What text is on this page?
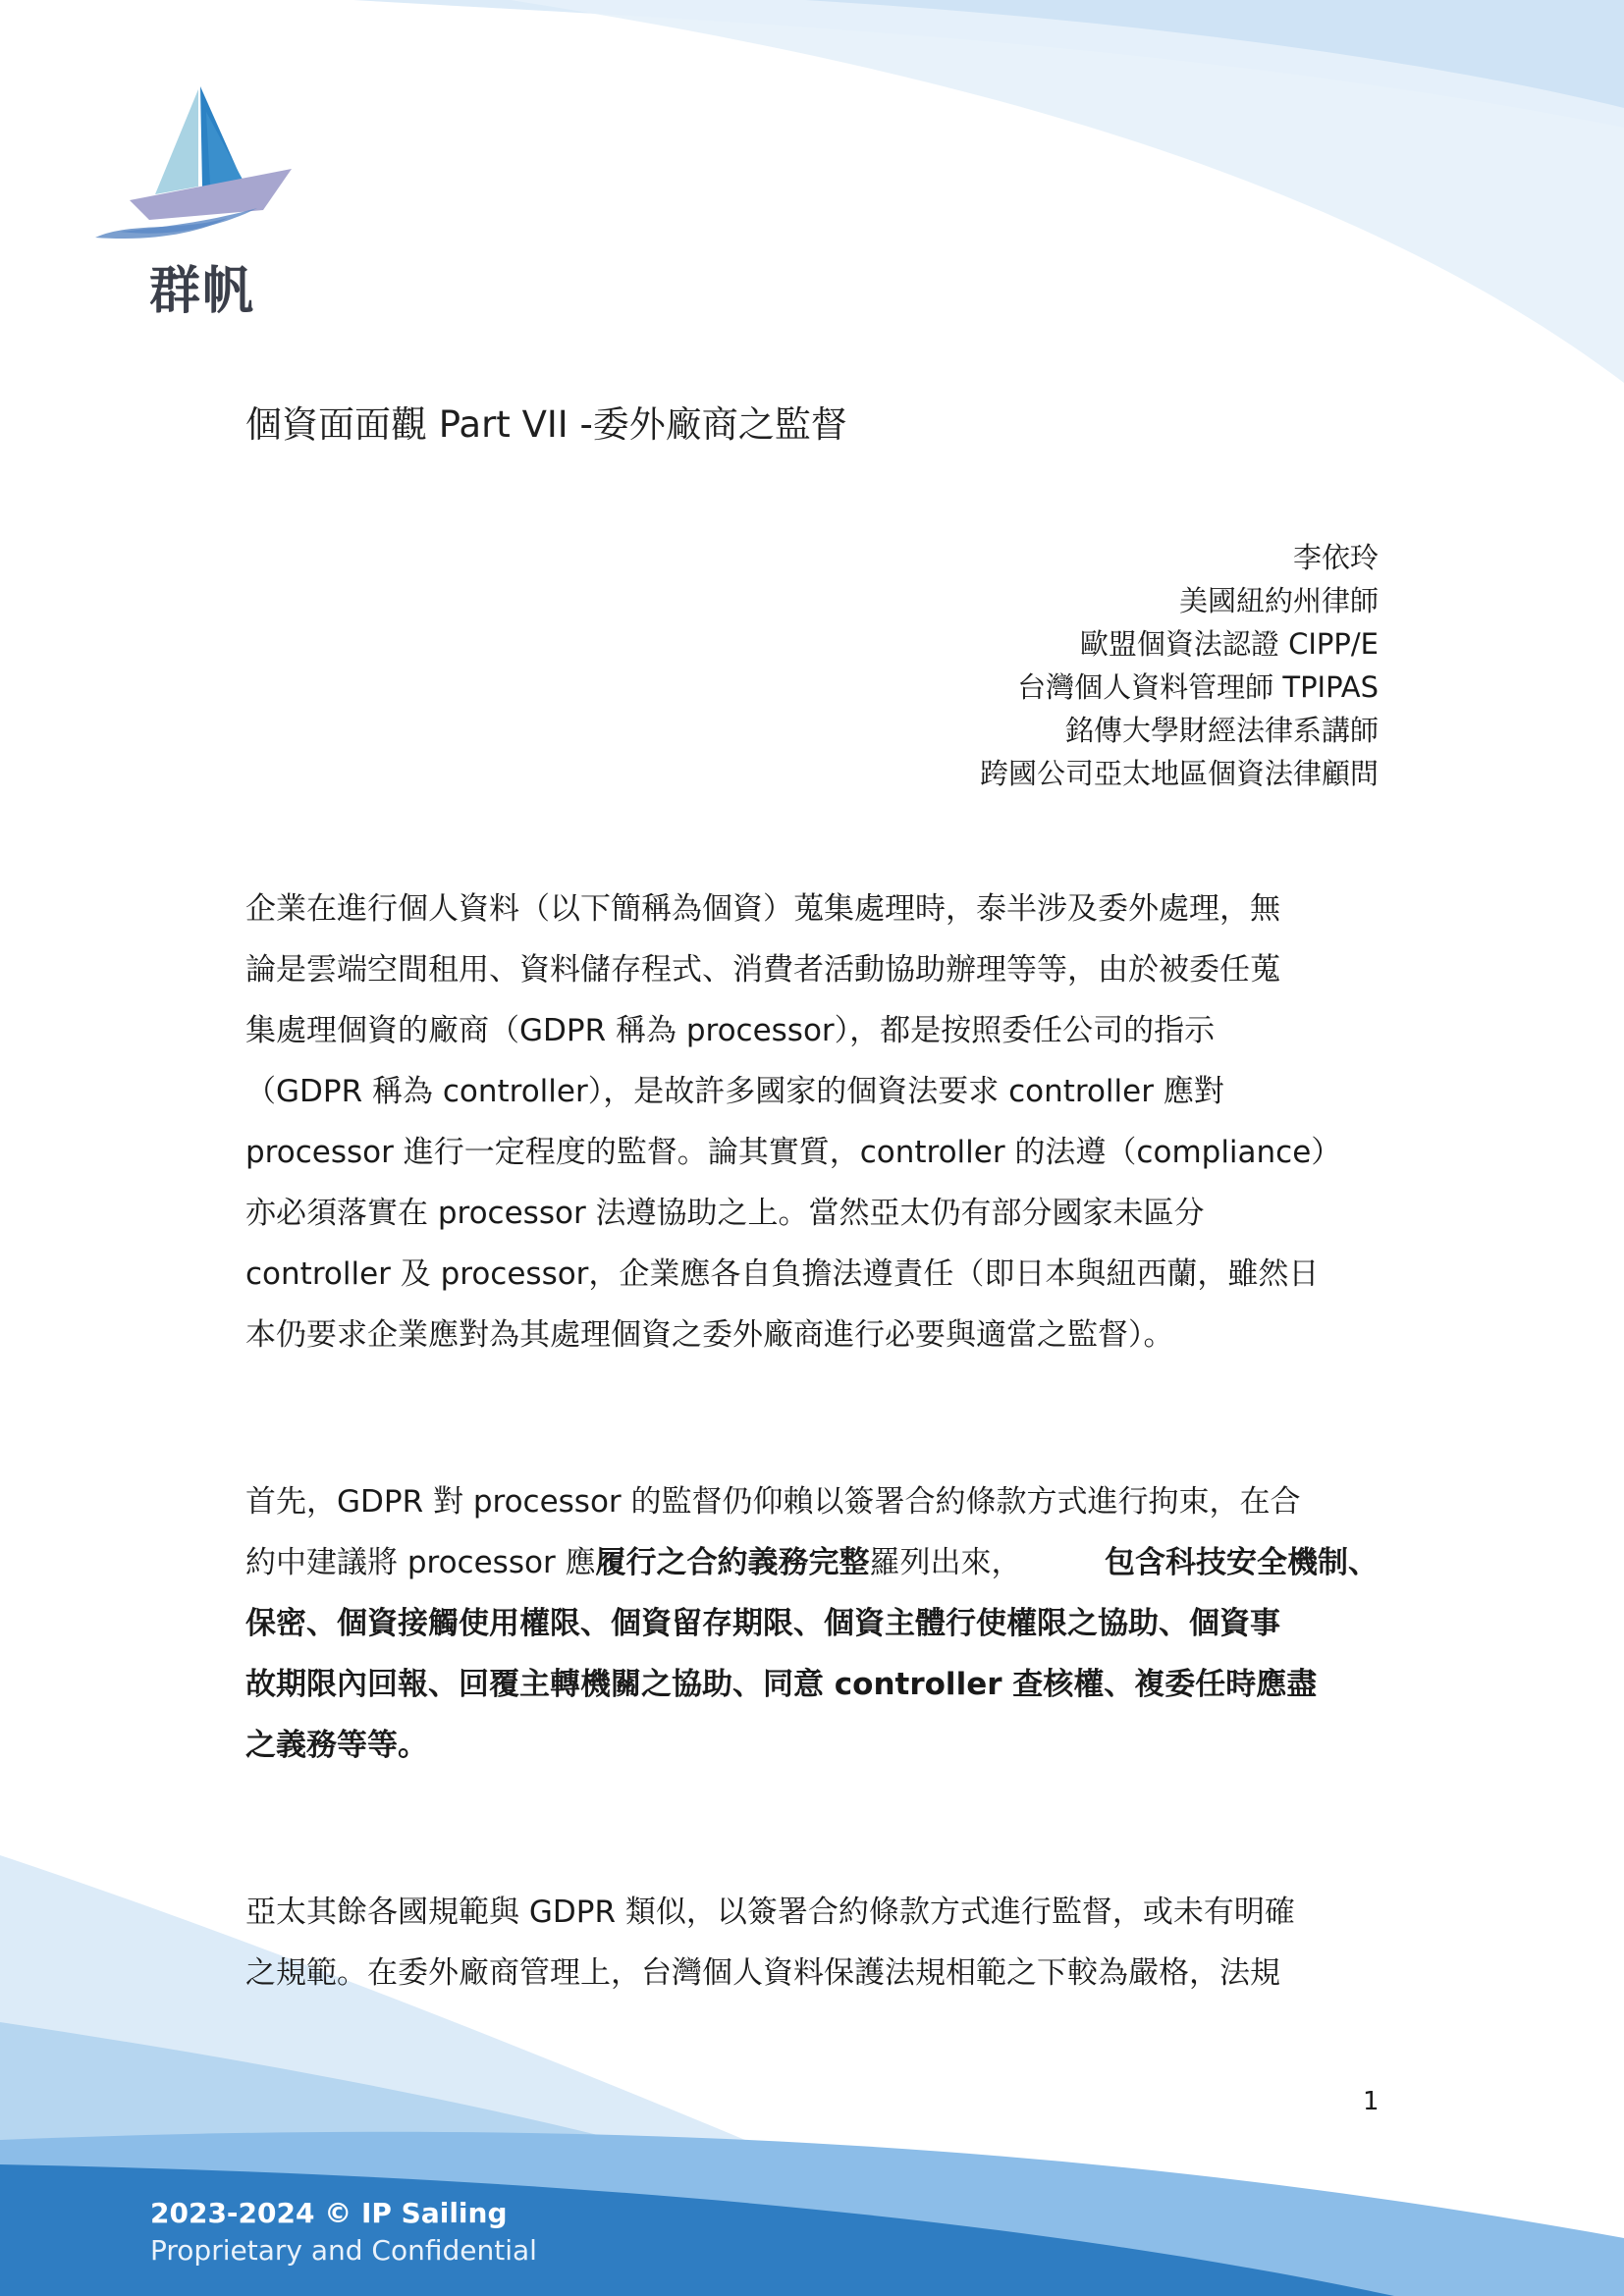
群帆
個資面面觀 Part VII -委外廠商之監督
李依玲
美國紐約州律師
歐盟個資法認證 CIPP/E
台灣個人資料管理師 TPIPAS
銘傳大學財經法律系講師
跨國公司亞太地區個資法律顧問
企業在進行個人資料（以下簡稱為個資）蒐集處理時，泰半涉及委外處理，無
論是雲端空間租用、資料儲存程式、消費者活動協助辦理等等，由於被委任蒐
集處理個資的廠商（GDPR 稱為 processor），都是按照委任公司的指示
（GDPR 稱為 controller），是故許多國家的個資法要求 controller 應對
processor 進行一定程度的監督。論其實質，controller 的法遵（compliance）
亦必須落實在 processor 法遵協助之上。當然亞太仍有部分國家未區分
controller 及 processor，企業應各自負擔法遵責任（即日本與紐西蘭，雖然日
本仍要求企業應對為其處理個資之委外廠商進行必要與適當之監督）。
首先，GDPR 對 processor 的監督仍仰賴以簽署合約條款方式進行拘束，在合
約中建議將 processor 應 履行之合約義務完整 羅列出來，	包含科技安全機制、
保密、個資接觸使用權限、個資留存期限、個資主體行使權限之協助、個資事
故期限內回報、回覆主轉機關之協助、同意 controller 查核權、複委任時應盡
之義務等等。
亞太其餘各國規範與 GDPR 類似，以簽署合約條款方式進行監督，或未有明確
之規範。在委外廠商管理上，台灣個人資料保護法規相範之下較為嚴格，法規
1
2023-2024 © IP Sailing
Proprietary and Confidential
